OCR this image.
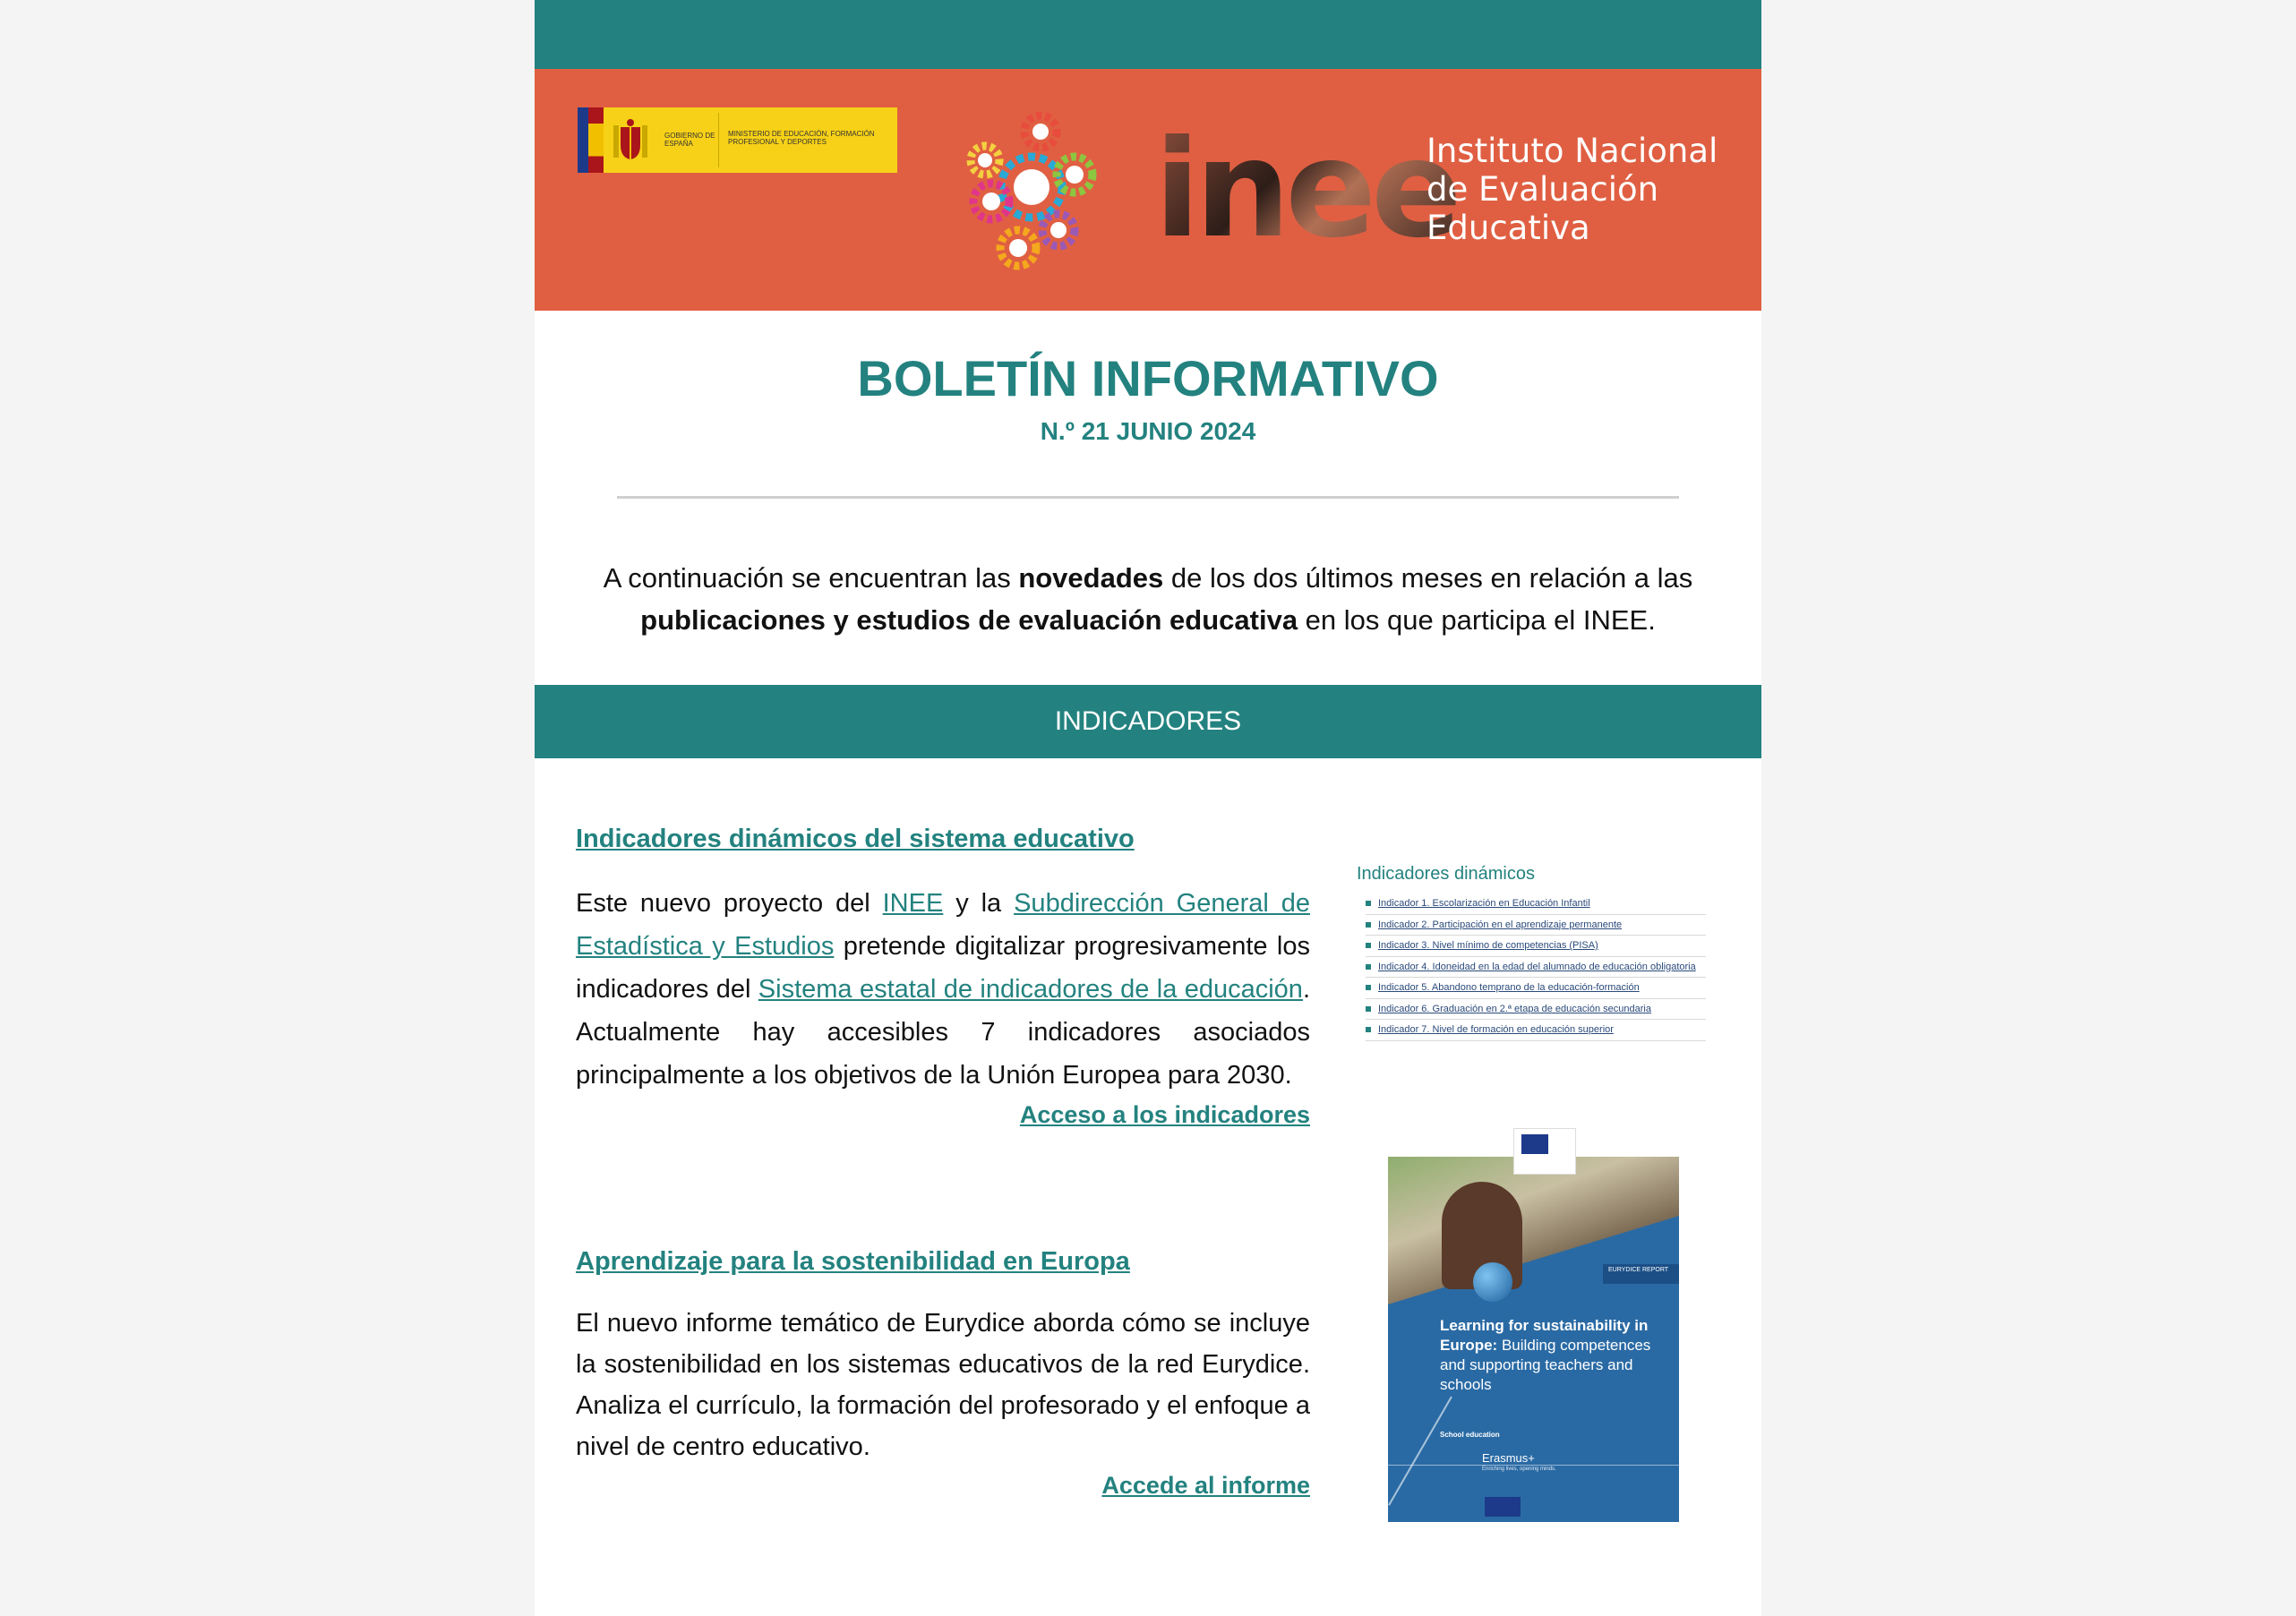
GOBIERNO DE ESPAÑA
MINISTERIO DE EDUCACIÓN, FORMACIÓN PROFESIONAL Y DEPORTES	inee
Instituto Nacional
de Evaluación
Educativa
BOLETÍN INFORMATIVO
N.º 21 JUNIO 2024
A continuación se encuentran las novedades de los dos últimos meses en relación a las publicaciones y estudios de evaluación educativa en los que participa el INEE.
INDICADORES
Indicadores dinámicos del sistema educativo
Este nuevo proyecto del INEE y la Subdirección General de Estadística y Estudios pretende digitalizar progresivamente los indicadores del Sistema estatal de indicadores de la educación. Actualmente hay accesibles 7 indicadores asociados principalmente a los objetivos de la Unión Europea para 2030.
Acceso a los indicadores
Indicadores dinámicos
Indicador 1. Escolarización en Educación Infantil
Indicador 2. Participación en el aprendizaje permanente
Indicador 3. Nivel mínimo de competencias (PISA)
Indicador 4. Idoneidad en la edad del alumnado de educación obligatoria
Indicador 5. Abandono temprano de la educación-formación
Indicador 6. Graduación en 2.ª etapa de educación secundaria
Indicador 7. Nivel de formación en educación superior
Aprendizaje para la sostenibilidad en Europa
El nuevo informe temático de Eurydice aborda cómo se incluye la sostenibilidad en los sistemas educativos de la red Eurydice. Analiza el currículo, la formación del profesorado y el enfoque a nivel de centro educativo.
Accede al informe
EURYDICE REPORT
Learning for sustainability in Europe: Building competences and supporting teachers and schools
School education
Erasmus+
Enriching lives, opening minds.
